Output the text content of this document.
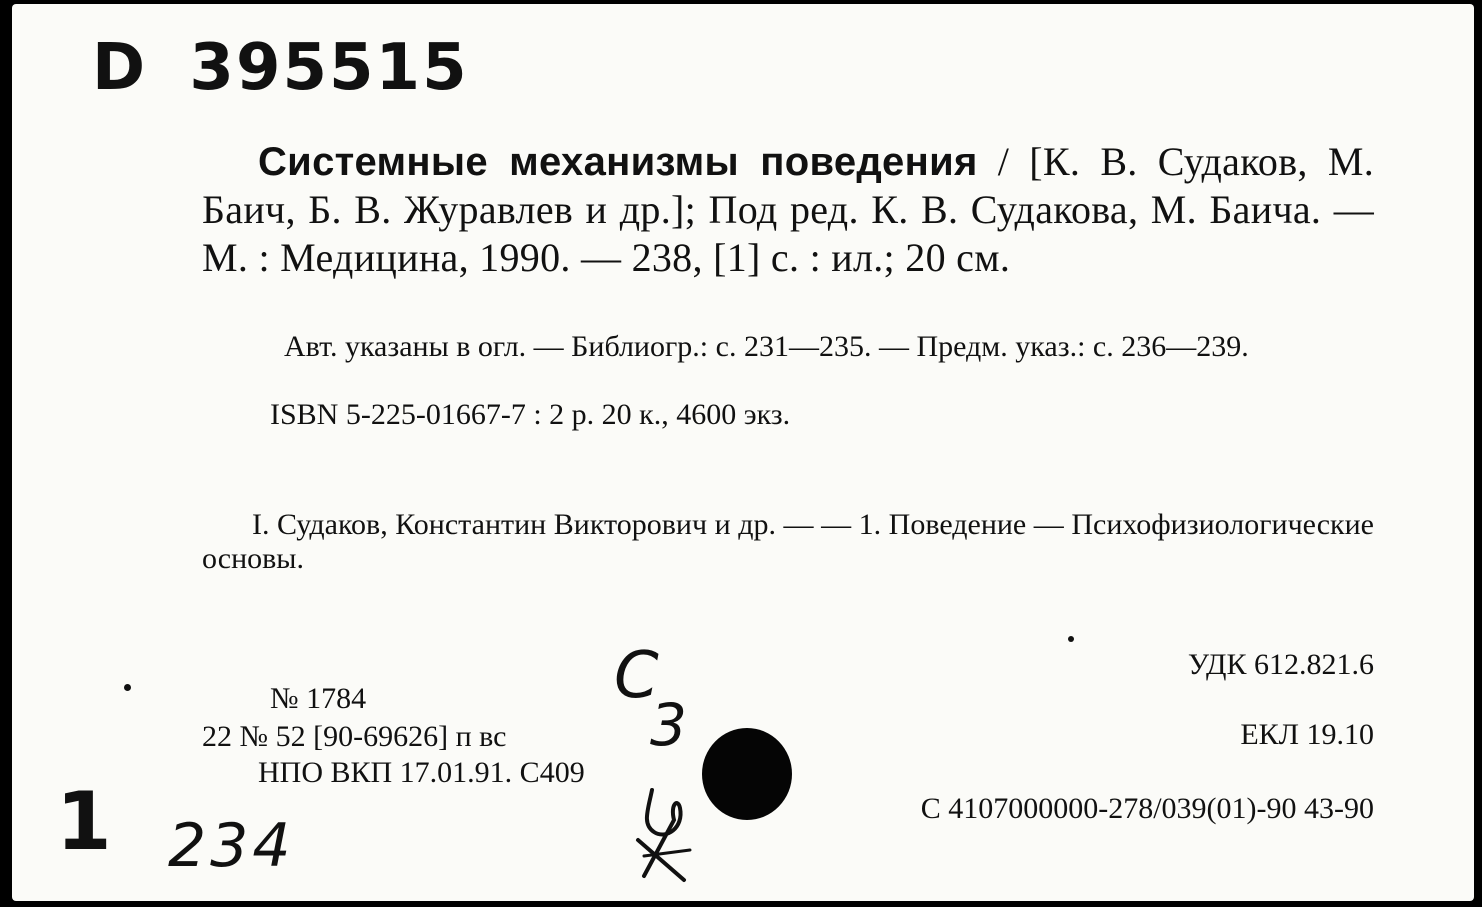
D 395515

Системные механизмы поведения / [К. В. Судаков, М. Баич, Б. В. Журавлев и др.]; Под ред. К. В. Судакова, М. Баича. — М. : Медицина, 1990. — 238, [1] с. : ил.; 20 см.

Авт. указаны в огл. — Библиогр.: с. 231—235. — Предм. указ.: с. 236—239.

ISBN 5-225-01667-7 : 2 р. 20 к., 4600 экз.

I. Судаков, Константин Викторович и др. — — 1. Поведение — Психофизиологические основы.

№ 1784

22 № 52 [90-69626] п вс

НПО ВКП 17.01.91. С409

УДК 612.821.6

ЕКЛ 19.10

С 4107000000-278/039(01)-90 43-90

С
3
1 234
